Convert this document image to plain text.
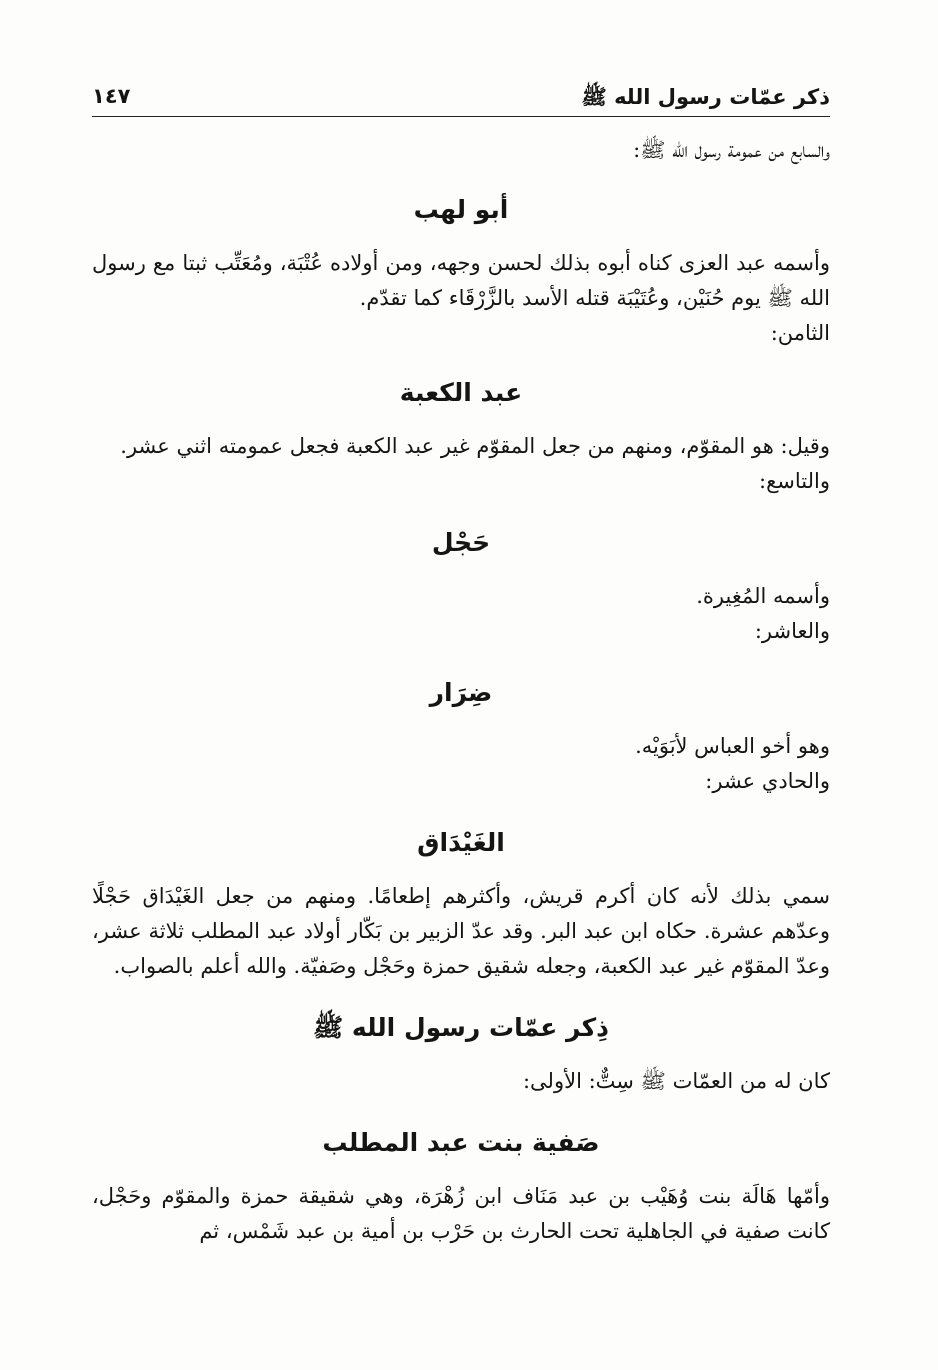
ذكر عمّات رسول الله ﷺ
١٤٧

والسابع من عمومة رسول الله ﷺ:

أبو لهب

وأسمه عبد العزى كناه أبوه بذلك لحسن وجهه، ومن أولاده عُتْبَة، ومُعَتِّب ثبتا مع رسول الله ﷺ يوم حُنَيْن، وعُتَيْبَة قتله الأسد بالزَّرْقَاء كما تقدّم.

الثامن:

عبد الكعبة

وقيل: هو المقوّم، ومنهم من جعل المقوّم غير عبد الكعبة فجعل عمومته اثني عشر.

والتاسع:

حَجْل

وأسمه المُغِيرة.

والعاشر:

ضِرَار

وهو أخو العباس لأبَوَيْه.

والحادي عشر:

الغَيْدَاق

سمي بذلك لأنه كان أكرم قريش، وأكثرهم إطعامًا. ومنهم من جعل الغَيْدَاق حَجْلًا وعدّهم عشرة. حكاه ابن عبد البر. وقد عدّ الزبير بن بَكّار أولاد عبد المطلب ثلاثة عشر، وعدّ المقوّم غير عبد الكعبة، وجعله شقيق حمزة وحَجْل وصَفيّة. والله أعلم بالصواب.

ذِكر عمّات رسول الله ﷺ

كان له من العمّات ﷺ سِتٌّ: الأولى:

صَفية بنت عبد المطلب

وأمّها هَالَة بنت وُهَيْب بن عبد مَنَاف ابن زُهْرَة، وهي شقيقة حمزة والمقوّم وحَجْل، كانت صفية في الجاهلية تحت الحارث بن حَرْب بن أمية بن عبد شَمْس، ثم
